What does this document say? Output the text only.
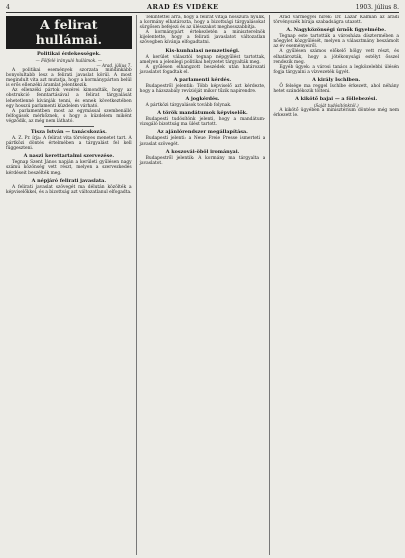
4	ARAD ÉS VIDÉKE	1903. július 8.
A felirat hullámai.
Politikai érdekességek.
— Fölfelé irányuló hullámok. —
— Arad, július 7.

A politikai események szorzata mindinkább bonyolultabb lesz a felirati javaslat körül. A most megindult vita azt mutatja, hogy a kormánypárton belül is erős ellenzéki áramlat jelentkezik.

Az ellenzéki pártok vezérei kimondták, hogy az obstrukció fenntartásával a felirat tárgyalását lehetetlenné kívánják tenni, és ennek következtében egy hosszú parlamenti küzdelem várható.

A parlamentben most az egymással szembenálló felfogások mérkőznek, s hogy a küzdelem miként végződik, az még nem látható.

Tisza István — tanácskozás.

A. Z. Pr. írja: A felirat vita törvényes menetet tart. A pártközi döntés értelmében a tárgyalást fel kell függeszteni.

A naszi kerettartalmi szervezése.

Tegnap Szent János napján a kerületi gyűlésen nagy számú közönség vett részt, melyen a szervezkedés kérdéseit beszélték meg.

A népjáró felirati javaslata.

A felirati javaslat szövegét ma délután közölték a képviselőkkel, és a bizottság azt változatlanul elfogadta.

Tekintettel arra, hogy a felirat vitája hosszúra nyúlik, a kormány elhatározta, hogy a bizottsági tárgyalásokat sürgősen befejezi és az ülésszakot meghosszabbítja.

A kormánypárt értekezletén a miniszterelnök kijelentette, hogy a felirati javaslatot változatlan szövegben kívánja elfogadtatni.

Kis-kunhalasi nemzetiségi.

A kerület választói tegnap népgyűlést tartottak, amelyen a jelenlegi politikai helyzetet tárgyalták meg.

A gyűlésen elhangzott beszédek után határozati javaslatot fogadtak el.

A parlamenti kérdés.

Budapestről jelentik: Több képviselő azt kérdezte, hogy a házszabály revízióját mikor tűzik napirendre.

A jogkérdés.

A pártközi tárgyalások tovább folynak.

A török mandátumok képviselők.

Budapesti tudósítónk jelenti, hogy a mandátum-vizsgáló bizottság ma ülést tartott.

Az ajánlórendszer megállapítása.

Budapesti jelenti: a Neue Freie Presse ismerteti a javaslat szövegét.

A koszovái-öböl irományai.

Budapestről jelentik: A kormány ma tárgyalta a javaslatot.

Arad vármegyei hírek: Dr. Lázár Kálmán az aradi törvényszék bírája szabadságra utazott.

A. Nagyközönségi úrnők figyelmébe.

Tegnap este tartották a városháza dísztermében a nőegylet közgyűlését, melyen a választmány beszámolt az év eseményeiről.

A gyűlésen számos előkelő hölgy vett részt, és elhatározták, hogy a jótékonysági estélyt ősszel rendezik meg.

Egyéb ügyek: a városi tanács a legközelebbi ülésén fogja tárgyalni a vízvezeték ügyét.

A király Ischlben.

Ő felsége ma reggel Ischlbe érkezett, ahol néhány hetet szándékozik tölteni.

A kikötő bajai — a föllebezési.
(Saját tudósítónktól.)

A kikötő ügyében a minisztérium döntése még nem érkezett le.
